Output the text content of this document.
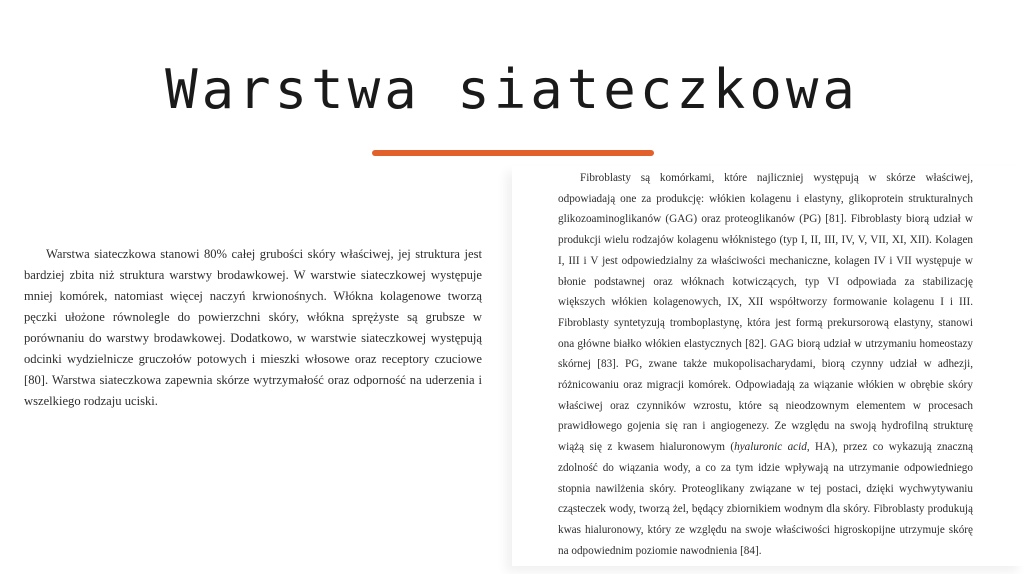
Warstwa siateczkowa

Warstwa siateczkowa stanowi 80% całej grubości skóry właściwej, jej struktura jest bardziej zbita niż struktura warstwy brodawkowej. W warstwie siateczkowej występuje mniej komórek, natomiast więcej naczyń krwionośnych. Włókna kolagenowe tworzą pęczki ułożone równolegle do powierzchni skóry, włókna sprężyste są grubsze w porównaniu do warstwy brodawkowej. Dodatkowo, w warstwie siateczkowej występują odcinki wydzielnicze gruczołów potowych i mieszki włosowe oraz receptory czuciowe [80]. Warstwa siateczkowa zapewnia skórze wytrzymałość oraz odporność na uderzenia i wszelkiego rodzaju uciski.

Fibroblasty są komórkami, które najliczniej występują w skórze właściwej, odpowiadają one za produkcję: włókien kolagenu i elastyny, glikoprotein strukturalnych glikozoaminoglikanów (GAG) oraz proteoglikanów (PG) [81]. Fibroblasty biorą udział w produkcji wielu rodzajów kolagenu włóknistego (typ I, II, III, IV, V, VII, XI, XII). Kolagen I, III i V jest odpowiedzialny za właściwości mechaniczne, kolagen IV i VII występuje w błonie podstawnej oraz włóknach kotwiczących, typ VI odpowiada za stabilizację większych włókien kolagenowych, IX, XII współtworzy formowanie kolagenu I i III. Fibroblasty syntetyzują tromboplastynę, która jest formą prekursorową elastyny, stanowi ona główne białko włókien elastycznych [82]. GAG biorą udział w utrzymaniu homeostazy skórnej [83]. PG, zwane także mukopolisacharydami, biorą czynny udział w adhezji, różnicowaniu oraz migracji komórek. Odpowiadają za wiązanie włókien w obrębie skóry właściwej oraz czynników wzrostu, które są nieodzownym elementem w procesach prawidłowego gojenia się ran i angiogenezy. Ze względu na swoją hydrofilną strukturę wiążą się z kwasem hialuronowym (hyaluronic acid, HA), przez co wykazują znaczną zdolność do wiązania wody, a co za tym idzie wpływają na utrzymanie odpowiedniego stopnia nawilżenia skóry. Proteoglikany związane w tej postaci, dzięki wychwytywaniu cząsteczek wody, tworzą żel, będący zbiornikiem wodnym dla skóry. Fibroblasty produkują kwas hialuronowy, który ze względu na swoje właściwości higroskopijne utrzymuje skórę na odpowiednim poziomie nawodnienia [84].
